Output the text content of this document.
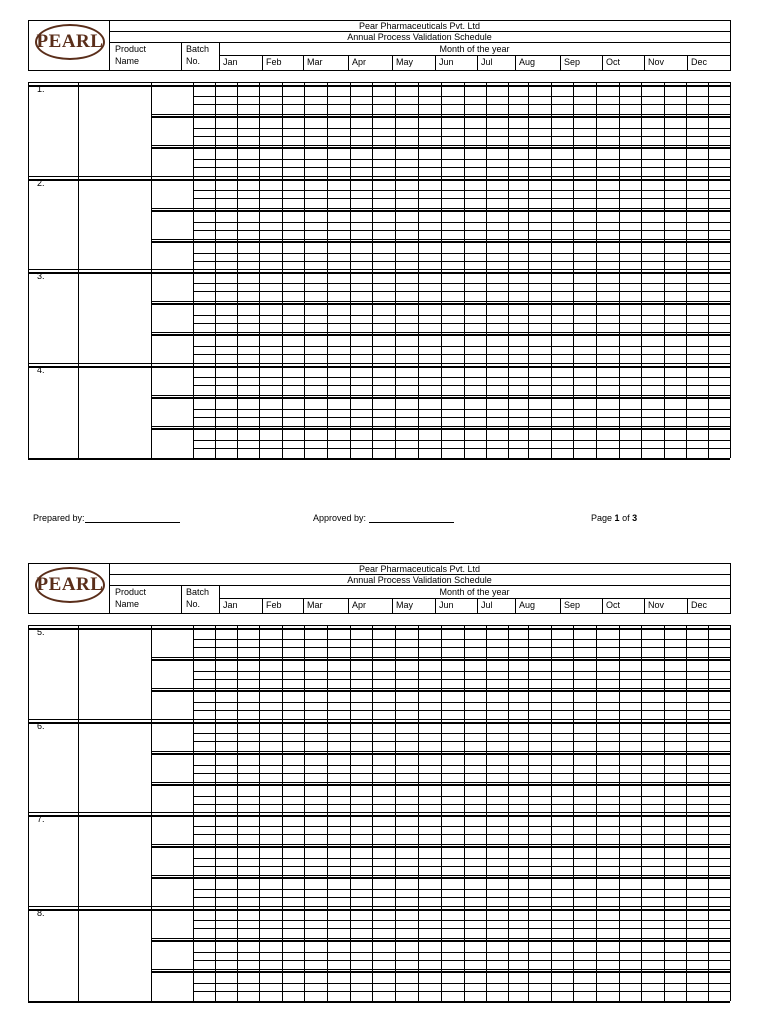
PEARL
Pear Pharmaceuticals Pvt. Ltd
Annual Process Validation Schedule
Month of the year
Product
Name
Batch
No.	Jan	Feb	Mar	Apr	May	Jun	Jul	Aug	Sep	Oct	Nov	Dec
1.
2.
3.
4.
PEARL
Pear Pharmaceuticals Pvt. Ltd
Annual Process Validation Schedule
Month of the year
Product
Name
Batch
No.	Jan	Feb	Mar	Apr	May	Jun	Jul	Aug	Sep	Oct	Nov	Dec
5.
6.
7.
8.
Prepared by:	Approved by:	Page 1 of 3
